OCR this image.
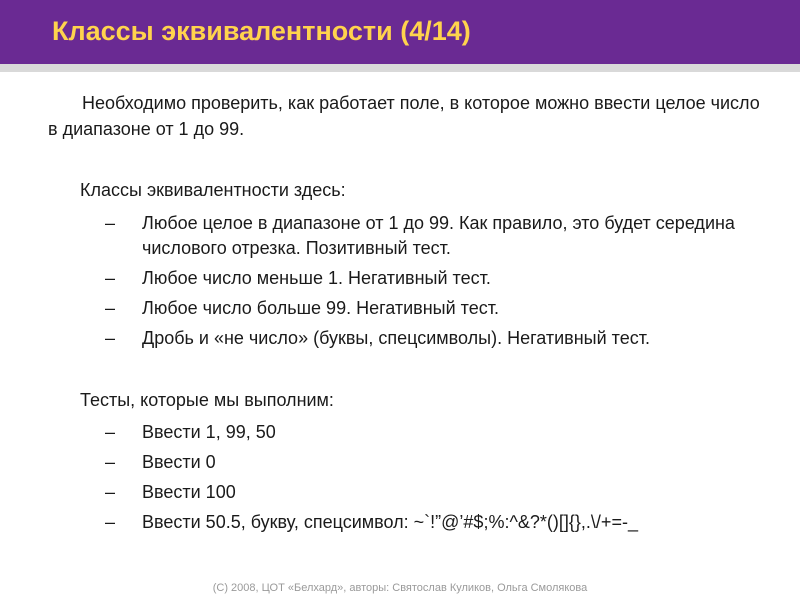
Классы эквивалентности (4/14)
Необходимо проверить, как работает поле, в которое можно ввести целое число в диапазоне от 1 до 99.
Классы эквивалентности здесь:
– Любое целое в диапазоне от 1 до 99. Как правило, это будет середина числового отрезка. Позитивный тест.
– Любое число меньше 1. Негативный тест.
– Любое число больше 99. Негативный тест.
– Дробь и «не число» (буквы, спецсимволы). Негативный тест.
Тесты, которые мы выполним:
– Ввести 1, 99, 50
– Ввести 0
– Ввести 100
– Ввести 50.5, букву, спецсимвол: ~`!”@’#$;%:^&?*()[]{},.\/+=-_
(C) 2008, ЦОТ «Белхард», авторы: Святослав Куликов, Ольга Смолякова
